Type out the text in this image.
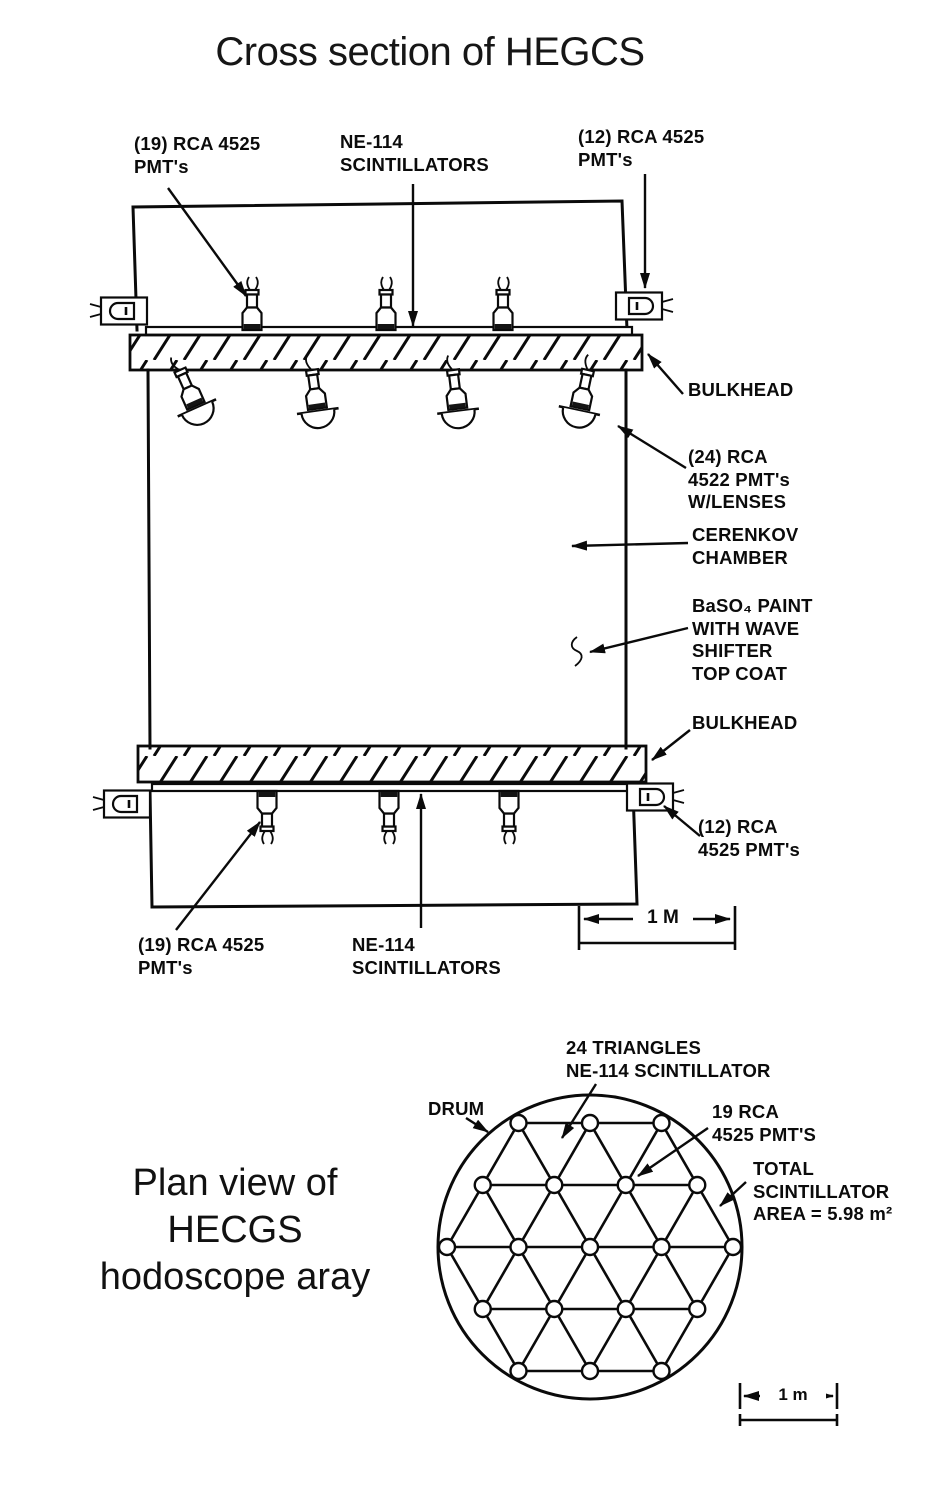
Cross section of HEGCS
(19) RCA 4525
PMT's
NE-114
SCINTILLATORS
(12) RCA 4525
PMT's
BULKHEAD
(24) RCA
4522 PMT's
W/LENSES
CERENKOV
CHAMBER
BaSO₄ PAINT
WITH WAVE
SHIFTER
TOP COAT
BULKHEAD
(12) RCA
4525 PMT's
(19) RCA 4525
PMT's
NE-114
SCINTILLATORS
1 M
Plan view of
HECGS
hodoscope aray
24 TRIANGLES
NE-114 SCINTILLATOR
DRUM	19 RCA
4525 PMT'S
TOTAL
SCINTILLATOR
AREA = 5.98 m²
1 m
